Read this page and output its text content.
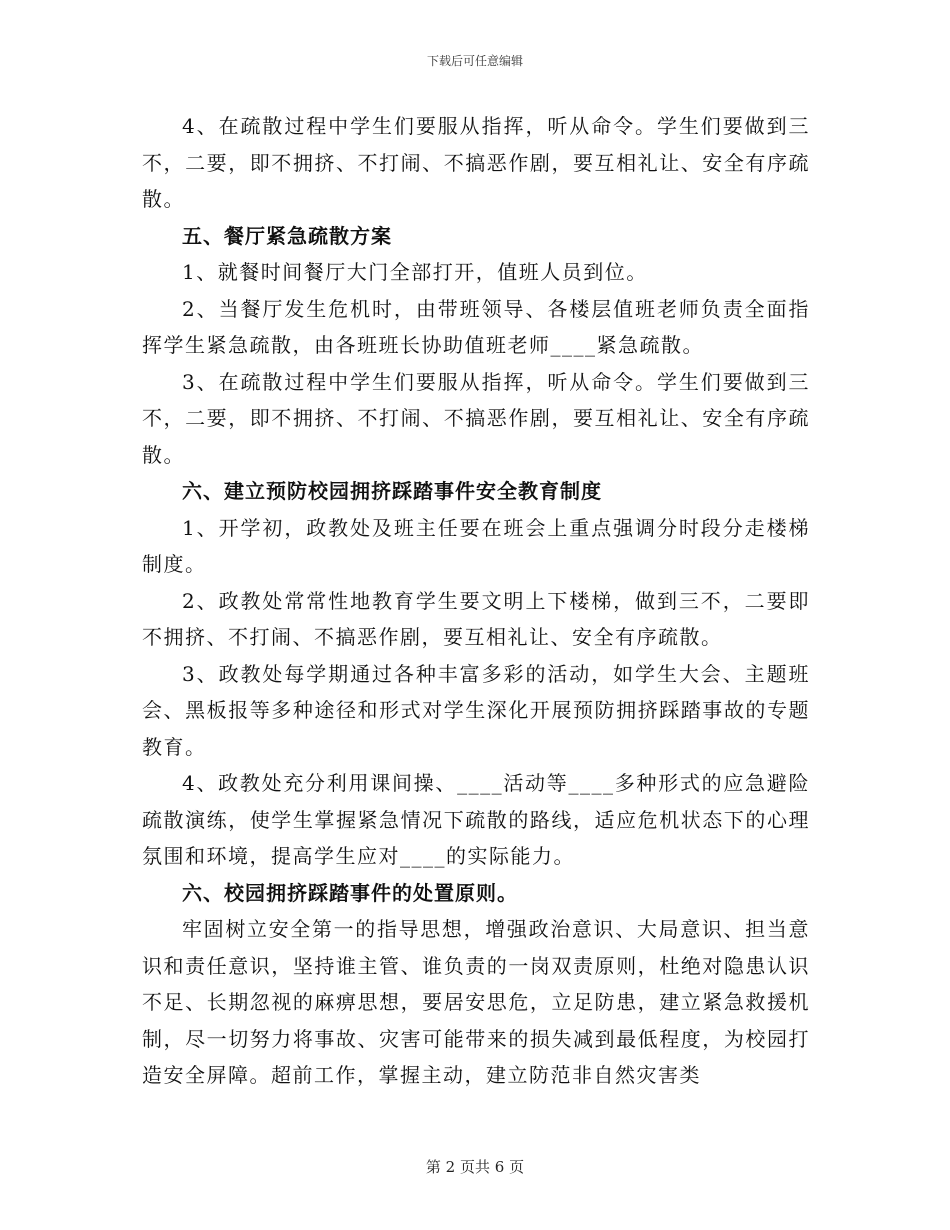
下载后可任意编辑

4、在疏散过程中学生们要服从指挥，听从命令。学生们要做到三不，二要，即不拥挤、不打闹、不搞恶作剧，要互相礼让、安全有序疏散。

五、餐厅紧急疏散方案

1、就餐时间餐厅大门全部打开，值班人员到位。

2、当餐厅发生危机时，由带班领导、各楼层值班老师负责全面指挥学生紧急疏散，由各班班长协助值班老师____紧急疏散。

3、在疏散过程中学生们要服从指挥，听从命令。学生们要做到三不，二要，即不拥挤、不打闹、不搞恶作剧，要互相礼让、安全有序疏散。

六、建立预防校园拥挤踩踏事件安全教育制度

1、开学初，政教处及班主任要在班会上重点强调分时段分走楼梯制度。

2、政教处常常性地教育学生要文明上下楼梯，做到三不，二要即不拥挤、不打闹、不搞恶作剧，要互相礼让、安全有序疏散。

3、政教处每学期通过各种丰富多彩的活动，如学生大会、主题班会、黑板报等多种途径和形式对学生深化开展预防拥挤踩踏事故的专题教育。

4、政教处充分利用课间操、____活动等____多种形式的应急避险疏散演练，使学生掌握紧急情况下疏散的路线，适应危机状态下的心理氛围和环境，提高学生应对____的实际能力。

六、校园拥挤踩踏事件的处置原则。

牢固树立安全第一的指导思想，增强政治意识、大局意识、担当意识和责任意识，坚持谁主管、谁负责的一岗双责原则，杜绝对隐患认识不足、长期忽视的麻痹思想，要居安思危，立足防患，建立紧急救援机制，尽一切努力将事故、灾害可能带来的损失减到最低程度，为校园打造安全屏障。超前工作，掌握主动，建立防范非自然灾害类

第 2 页共 6 页
